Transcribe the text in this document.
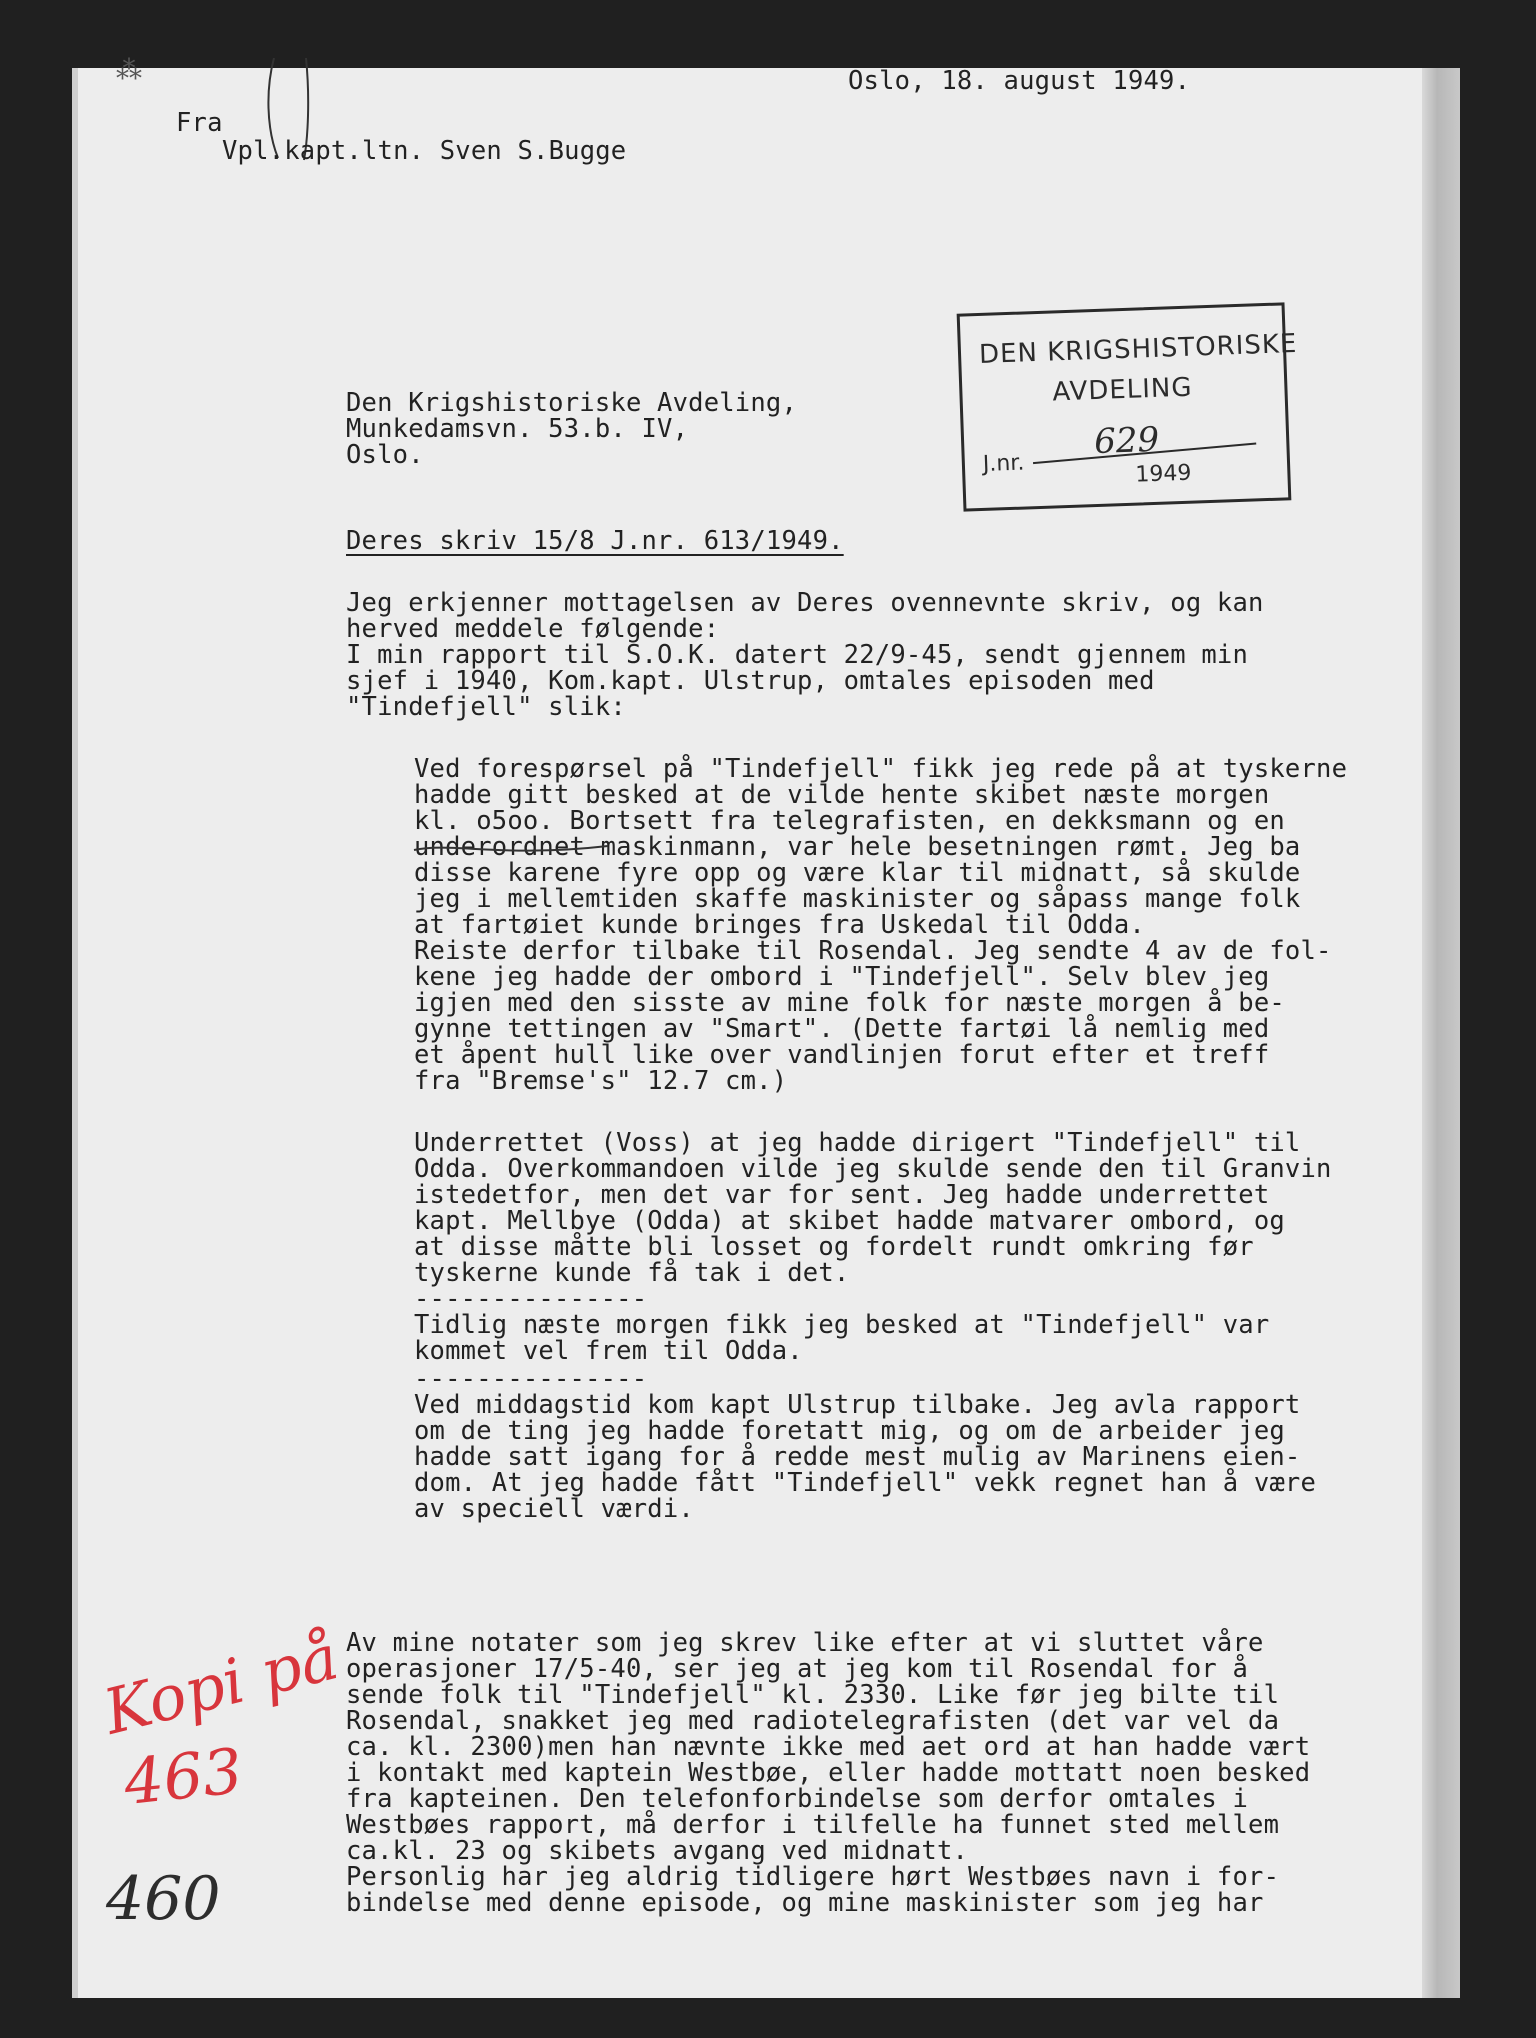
⁂	Oslo, 18. august 1949.
Fra
Vpl.kapt.ltn. Sven S.Bugge
DEN KRIGSHISTORISKE
AVDELING
J.nr.
629
1949
Den Krigshistoriske Avdeling,
Munkedamsvn. 53.b. IV,
Oslo.
Deres skriv 15/8 J.nr. 613/1949.
Jeg erkjenner mottagelsen av Deres ovennevnte skriv, og kan
herved meddele følgende:
I min rapport til S.O.K. datert 22/9-45, sendt gjennem min
sjef i 1940, Kom.kapt. Ulstrup, omtales episoden med
"Tindefjell" slik:
Ved forespørsel på "Tindefjell" fikk jeg rede på at tyskerne
hadde gitt besked at de vilde hente skibet næste morgen
kl. o5oo. Bortsett fra telegrafisten, en dekksmann og en
underordnet maskinmann, var hele besetningen rømt. Jeg ba
disse karene fyre opp og være klar til midnatt, så skulde
jeg i mellemtiden skaffe maskinister og såpass mange folk
at fartøiet kunde bringes fra Uskedal til Odda.
Reiste derfor tilbake til Rosendal. Jeg sendte 4 av de fol-
kene jeg hadde der ombord i "Tindefjell". Selv blev jeg
igjen med den sisste av mine folk for næste morgen å be-
gynne tettingen av "Smart". (Dette fartøi lå nemlig med
et åpent hull like over vandlinjen forut efter et treff
fra "Bremse's" 12.7 cm.)
Underrettet (Voss) at jeg hadde dirigert "Tindefjell" til
Odda. Overkommandoen vilde jeg skulde sende den til Granvin
istedetfor, men det var for sent. Jeg hadde underrettet
kapt. Mellbye (Odda) at skibet hadde matvarer ombord, og
at disse måtte bli losset og fordelt rundt omkring før
tyskerne kunde få tak i det.
---------------
Tidlig næste morgen fikk jeg besked at "Tindefjell" var
kommet vel frem til Odda.
---------------
Ved middagstid kom kapt Ulstrup tilbake. Jeg avla rapport
om de ting jeg hadde foretatt mig, og om de arbeider jeg
hadde satt igang for å redde mest mulig av Marinens eien-
dom. At jeg hadde fått "Tindefjell" vekk regnet han å være
av speciell værdi.
Av mine notater som jeg skrev like efter at vi sluttet våre
operasjoner 17/5-40, ser jeg at jeg kom til Rosendal for å
sende folk til "Tindefjell" kl. 2330. Like før jeg bilte til
Rosendal, snakket jeg med radiotelegrafisten (det var vel da
ca. kl. 2300)men han nævnte ikke med aet ord at han hadde vært
i kontakt med kaptein Westbøe, eller hadde mottatt noen besked
fra kapteinen. Den telefonforbindelse som derfor omtales i
Westbøes rapport, må derfor i tilfelle ha funnet sted mellem
ca.kl. 23 og skibets avgang ved midnatt.
Personlig har jeg aldrig tidligere hørt Westbøes navn i for-
bindelse med denne episode, og mine maskinister som jeg har
Kopi på
463
460
